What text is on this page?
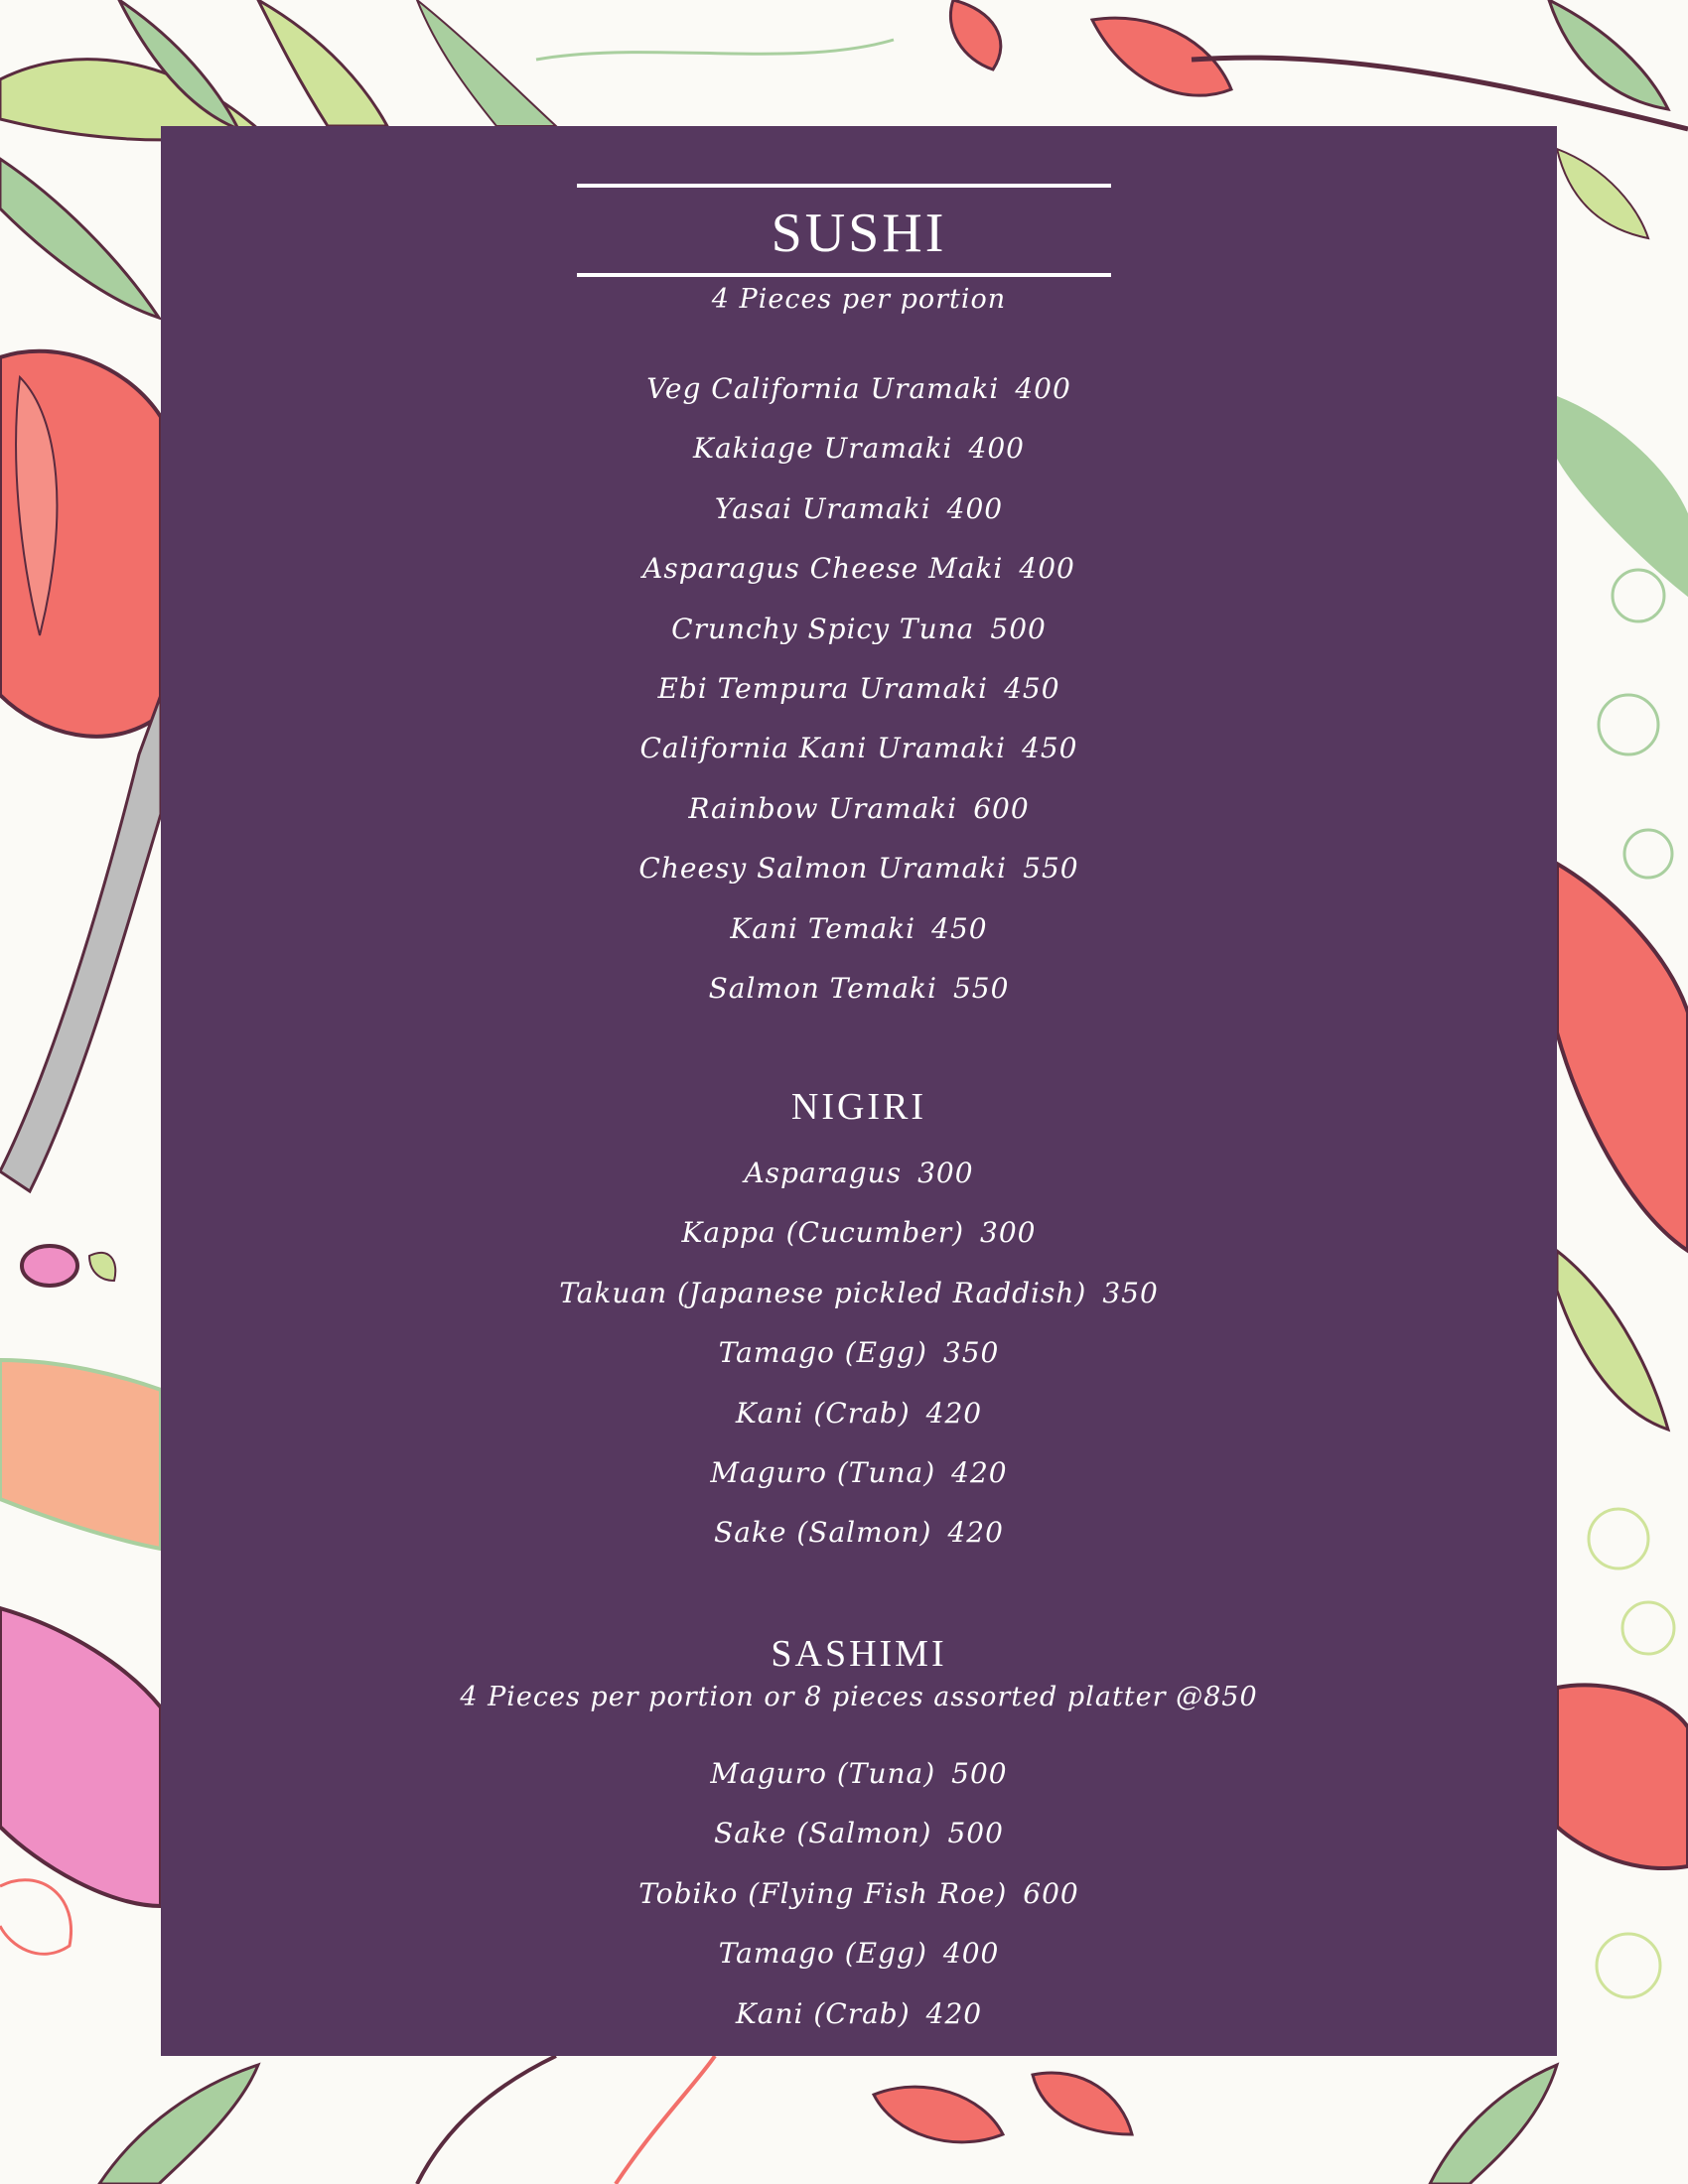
SUSHI
4 Pieces per portion
Veg California Uramaki 400
Kakiage Uramaki 400
Yasai Uramaki 400
Asparagus Cheese Maki 400
Crunchy Spicy Tuna 500
Ebi Tempura Uramaki 450
California Kani Uramaki 450
Rainbow Uramaki 600
Cheesy Salmon Uramaki 550
Kani Temaki 450
Salmon Temaki 550
NIGIRI
Asparagus 300
Kappa (Cucumber) 300
Takuan (Japanese pickled Raddish) 350
Tamago (Egg) 350
Kani (Crab) 420
Maguro (Tuna) 420
Sake (Salmon) 420
SASHIMI
4 Pieces per portion or 8 pieces assorted platter @850
Maguro (Tuna) 500
Sake (Salmon) 500
Tobiko (Flying Fish Roe) 600
Tamago (Egg) 400
Kani (Crab) 420
